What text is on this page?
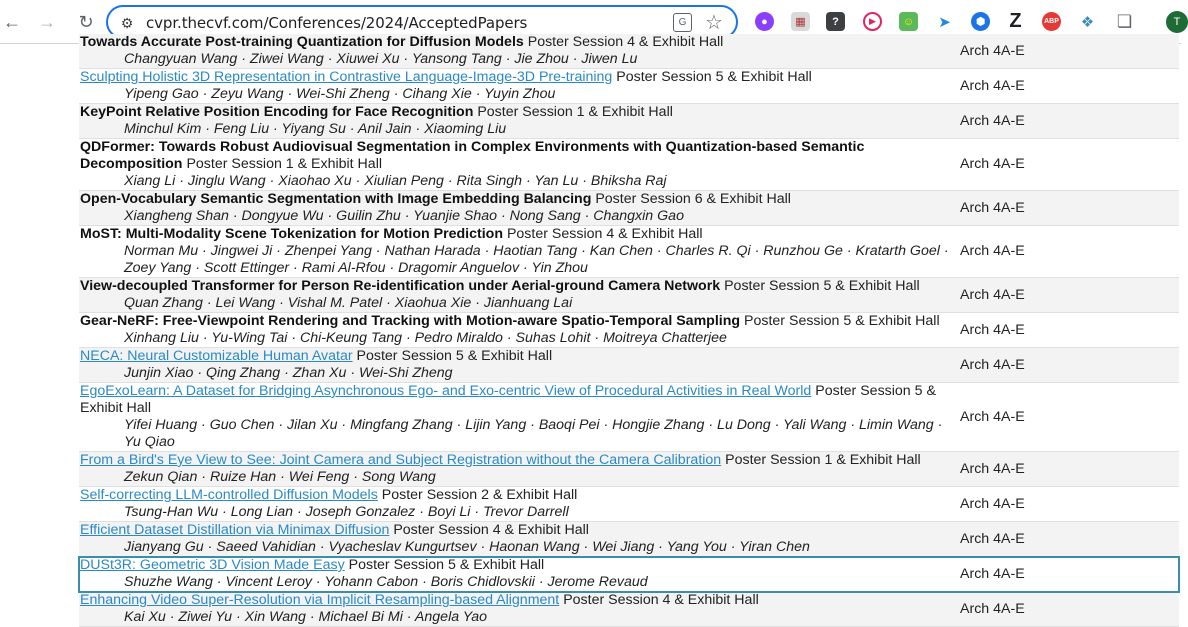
← → ↻	⚙ cvpr.thecvf.com/Conferences/2024/AcceptedPapers	G ☆	●	▦	?	▶	☺ ➤	⬢ Z	ABP ❖ ❏	T
Towards Accurate Post-training Quantization for Diffusion Models Poster Session 4 & Exhibit Hall
Changyuan Wang · Ziwei Wang · Xiuwei Xu · Yansong Tang · Jie Zhou · Jiwen Lu	Arch 4A-E
Sculpting Holistic 3D Representation in Contrastive Language-Image-3D Pre-training Poster Session 5 & Exhibit Hall
Yipeng Gao · Zeyu Wang · Wei-Shi Zheng · Cihang Xie · Yuyin Zhou	Arch 4A-E
KeyPoint Relative Position Encoding for Face Recognition Poster Session 1 & Exhibit Hall
Minchul Kim · Feng Liu · Yiyang Su · Anil Jain · Xiaoming Liu	Arch 4A-E
QDFormer: Towards Robust Audiovisual Segmentation in Complex Environments with Quantization-based Semantic Decomposition Poster Session 1 & Exhibit Hall
Xiang Li · Jinglu Wang · Xiaohao Xu · Xiulian Peng · Rita Singh · Yan Lu · Bhiksha Raj	Arch 4A-E
Open-Vocabulary Semantic Segmentation with Image Embedding Balancing Poster Session 6 & Exhibit Hall
Xiangheng Shan · Dongyue Wu · Guilin Zhu · Yuanjie Shao · Nong Sang · Changxin Gao	Arch 4A-E
MoST: Multi-Modality Scene Tokenization for Motion Prediction Poster Session 4 & Exhibit Hall
Norman Mu · Jingwei Ji · Zhenpei Yang · Nathan Harada · Haotian Tang · Kan Chen · Charles R. Qi · Runzhou Ge · Kratarth Goel · Zoey Yang · Scott Ettinger · Rami Al-Rfou · Dragomir Anguelov · Yin Zhou	Arch 4A-E
View-decoupled Transformer for Person Re-identification under Aerial-ground Camera Network Poster Session 5 & Exhibit Hall
Quan Zhang · Lei Wang · Vishal M. Patel · Xiaohua Xie · Jianhuang Lai	Arch 4A-E
Gear-NeRF: Free-Viewpoint Rendering and Tracking with Motion-aware Spatio-Temporal Sampling Poster Session 5 & Exhibit Hall
Xinhang Liu · Yu-Wing Tai · Chi-Keung Tang · Pedro Miraldo · Suhas Lohit · Moitreya Chatterjee	Arch 4A-E
NECA: Neural Customizable Human Avatar Poster Session 5 & Exhibit Hall
Junjin Xiao · Qing Zhang · Zhan Xu · Wei-Shi Zheng	Arch 4A-E
EgoExoLearn: A Dataset for Bridging Asynchronous Ego- and Exo-centric View of Procedural Activities in Real World Poster Session 5 & Exhibit Hall
Yifei Huang · Guo Chen · Jilan Xu · Mingfang Zhang · Lijin Yang · Baoqi Pei · Hongjie Zhang · Lu Dong · Yali Wang · Limin Wang · Yu Qiao	Arch 4A-E
From a Bird's Eye View to See: Joint Camera and Subject Registration without the Camera Calibration Poster Session 1 & Exhibit Hall
Zekun Qian · Ruize Han · Wei Feng · Song Wang	Arch 4A-E
Self-correcting LLM-controlled Diffusion Models Poster Session 2 & Exhibit Hall
Tsung-Han Wu · Long Lian · Joseph Gonzalez · Boyi Li · Trevor Darrell	Arch 4A-E
Efficient Dataset Distillation via Minimax Diffusion Poster Session 4 & Exhibit Hall
Jianyang Gu · Saeed Vahidian · Vyacheslav Kungurtsev · Haonan Wang · Wei Jiang · Yang You · Yiran Chen	Arch 4A-E
DUSt3R: Geometric 3D Vision Made Easy Poster Session 5 & Exhibit Hall
Shuzhe Wang · Vincent Leroy · Yohann Cabon · Boris Chidlovskii · Jerome Revaud	Arch 4A-E
Enhancing Video Super-Resolution via Implicit Resampling-based Alignment Poster Session 4 & Exhibit Hall
Kai Xu · Ziwei Yu · Xin Wang · Michael Bi Mi · Angela Yao	Arch 4A-E
